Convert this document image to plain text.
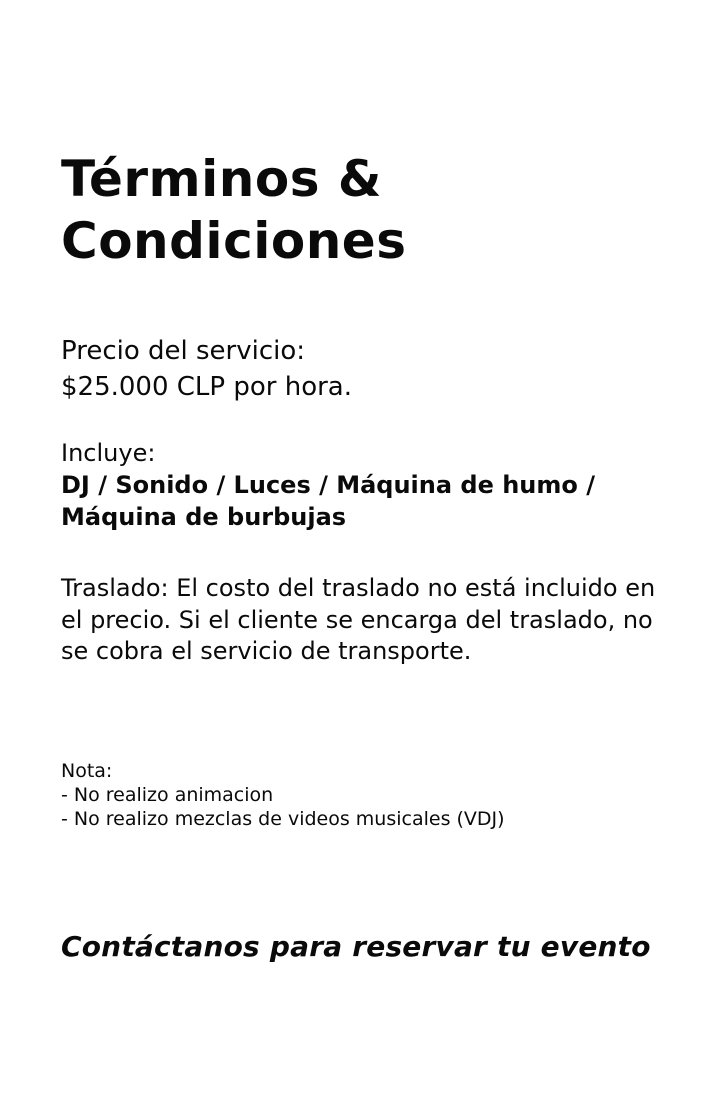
Términos &
Condiciones
Precio del servicio:
$25.000 CLP por hora.
Incluye:
DJ / Sonido / Luces / Máquina de humo / Máquina de burbujas

Traslado: El costo del traslado no está incluido en el precio. Si el cliente se encarga del traslado, no se cobra el servicio de transporte.

Nota:
- No realizo animacion
- No realizo mezclas de videos musicales (VDJ)

Contáctanos para reservar tu evento
